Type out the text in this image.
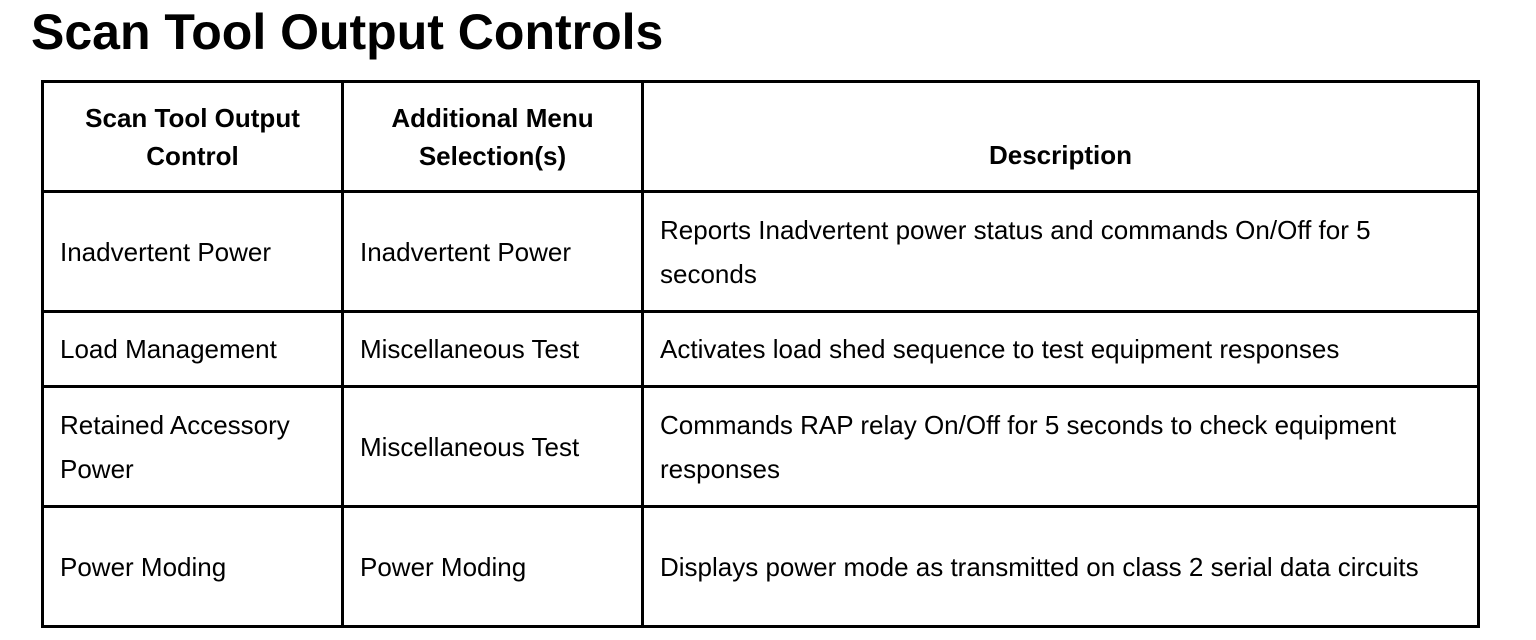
Scan Tool Output Controls
Scan Tool Output Control	Additional Menu Selection(s)	Description
Inadvertent Power	Inadvertent Power	Reports Inadvertent power status and commands On/Off for 5 seconds
Load Management	Miscellaneous Test	Activates load shed sequence to test equipment responses
Retained Accessory Power	Miscellaneous Test	Commands RAP relay On/Off for 5 seconds to check equipment responses
Power Moding	Power Moding	Displays power mode as transmitted on class 2 serial data circuits
